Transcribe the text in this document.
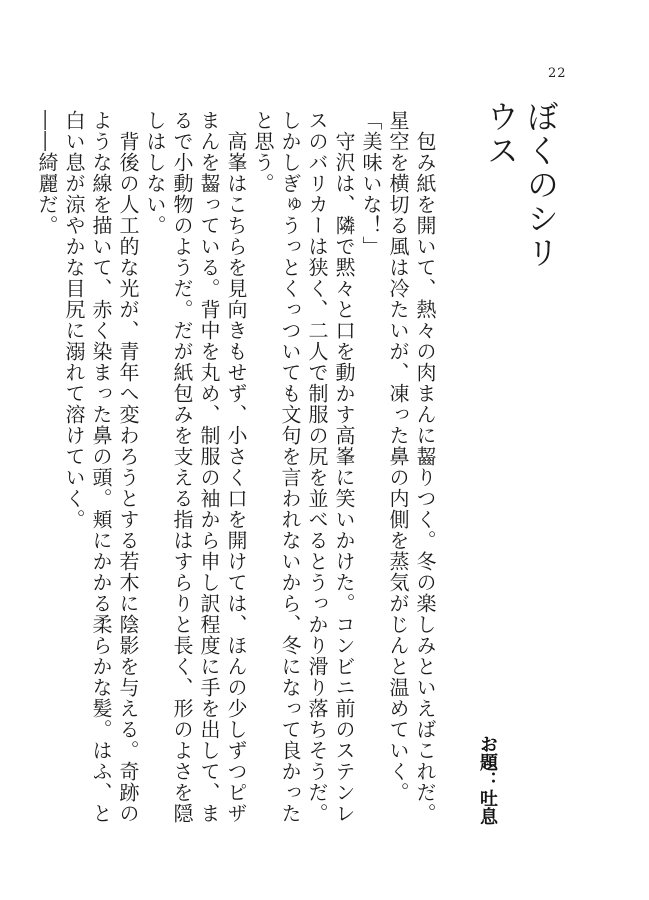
22
ぼくのシリウス
お題：吐息

　包み紙を開いて、熱々の肉まんに齧りつく。冬の楽しみといえばこれだ。星空を横切る風は冷たいが、凍った鼻の内側を蒸気がじんと温めていく。

「美味いな！」

　守沢は、隣で黙々と口を動かす高峯に笑いかけた。コンビニ前のステンレスのバリカーは狭く、二人で制服の尻を並べるとうっかり滑り落ちそうだ。しかしぎゅうっとくっついても文句を言われないから、冬になって良かったと思う。

　高峯はこちらを見向きもせず、小さく口を開けては、ほんの少しずつピザまんを齧っている。背中を丸め、制服の袖から申し訳程度に手を出して、まるで小動物のようだ。だが紙包みを支える指はすらりと長く、形のよさを隠しはしない。

　背後の人工的な光が、青年へ変わろうとする若木に陰影を与える。奇跡のような線を描いて、赤く染まった鼻の頭。頬にかかる柔らかな髪。はふ、と白い息が涼やかな目尻に溺れて溶けていく。

――綺麗だ。
